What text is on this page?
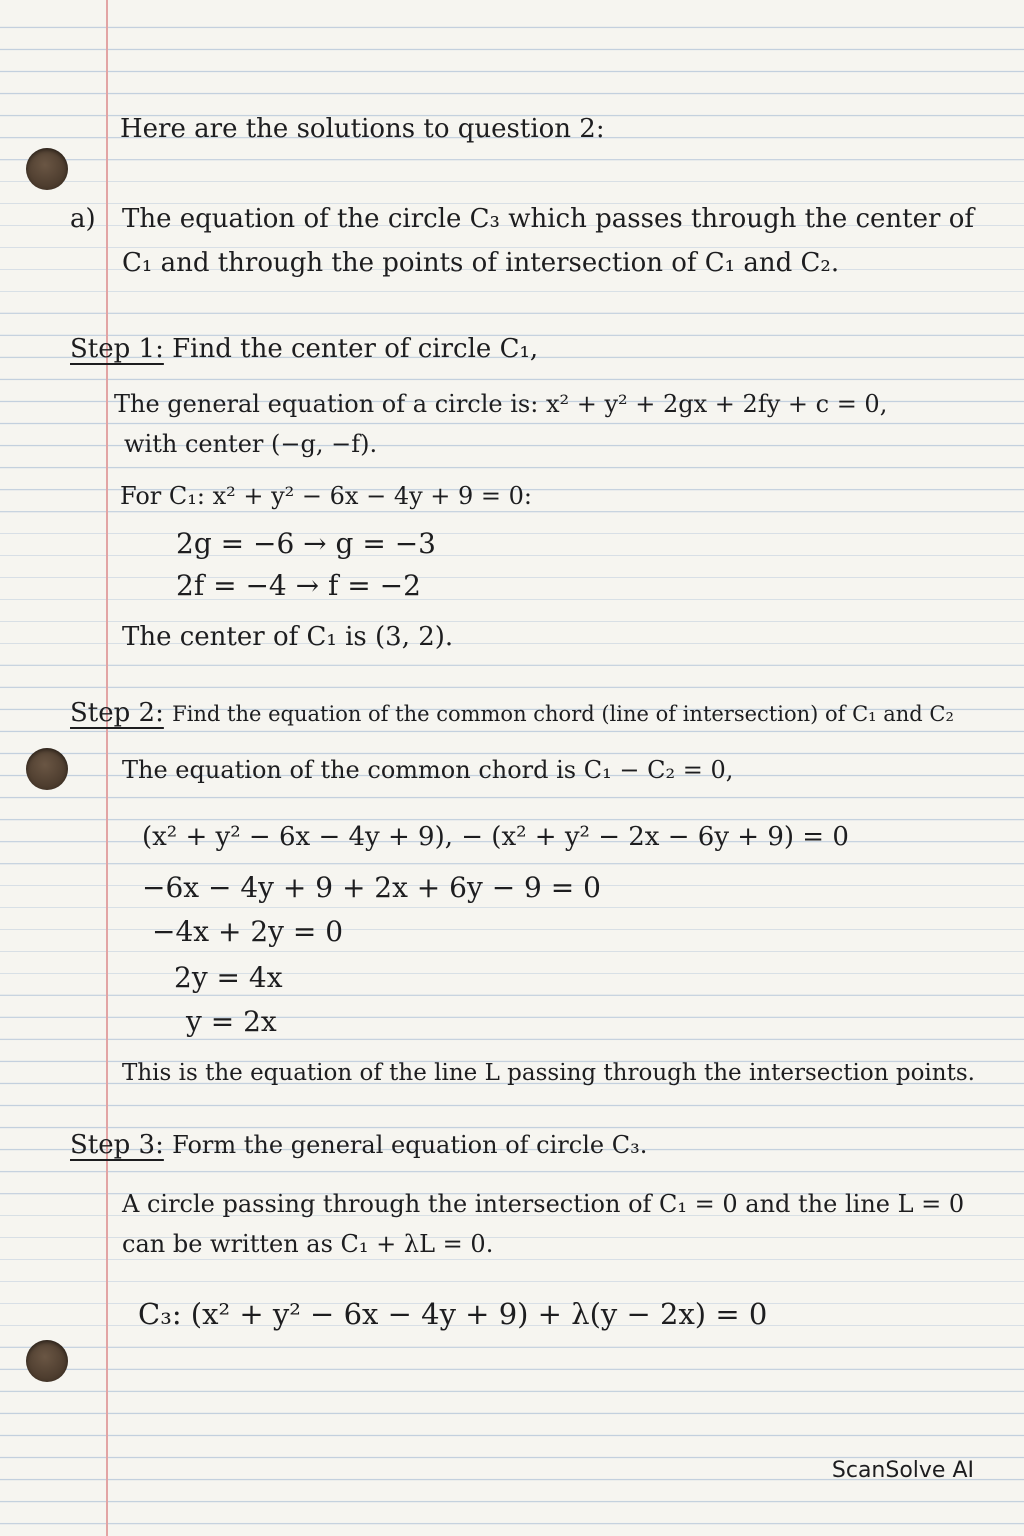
Here are the solutions to question 2:
a) The equation of the circle C₃ which passes through the center of
C₁ and through the points of intersection of C₁ and C₂.
Step 1: Find the center of circle C₁,
The general equation of a circle is: x² + y² + 2gx + 2fy + c = 0,
with center (−g, −f).
For C₁: x² + y² − 6x − 4y + 9 = 0:
2g = −6 → g = −3
2f = −4 → f = −2
The center of C₁ is (3, 2).
Step 2: Find the equation of the common chord (line of intersection) of C₁ and C₂
The equation of the common chord is C₁ − C₂ = 0,
(x² + y² − 6x − 4y + 9), − (x² + y² − 2x − 6y + 9) = 0
−6x − 4y + 9 + 2x + 6y − 9 = 0
−4x + 2y = 0
2y = 4x
y = 2x
This is the equation of the line L passing through the intersection points.
Step 3: Form the general equation of circle C₃.
A circle passing through the intersection of C₁ = 0 and the line L = 0
can be written as C₁ + λL = 0.
C₃: (x² + y² − 6x − 4y + 9) + λ(y − 2x) = 0
ScanSolve AI
